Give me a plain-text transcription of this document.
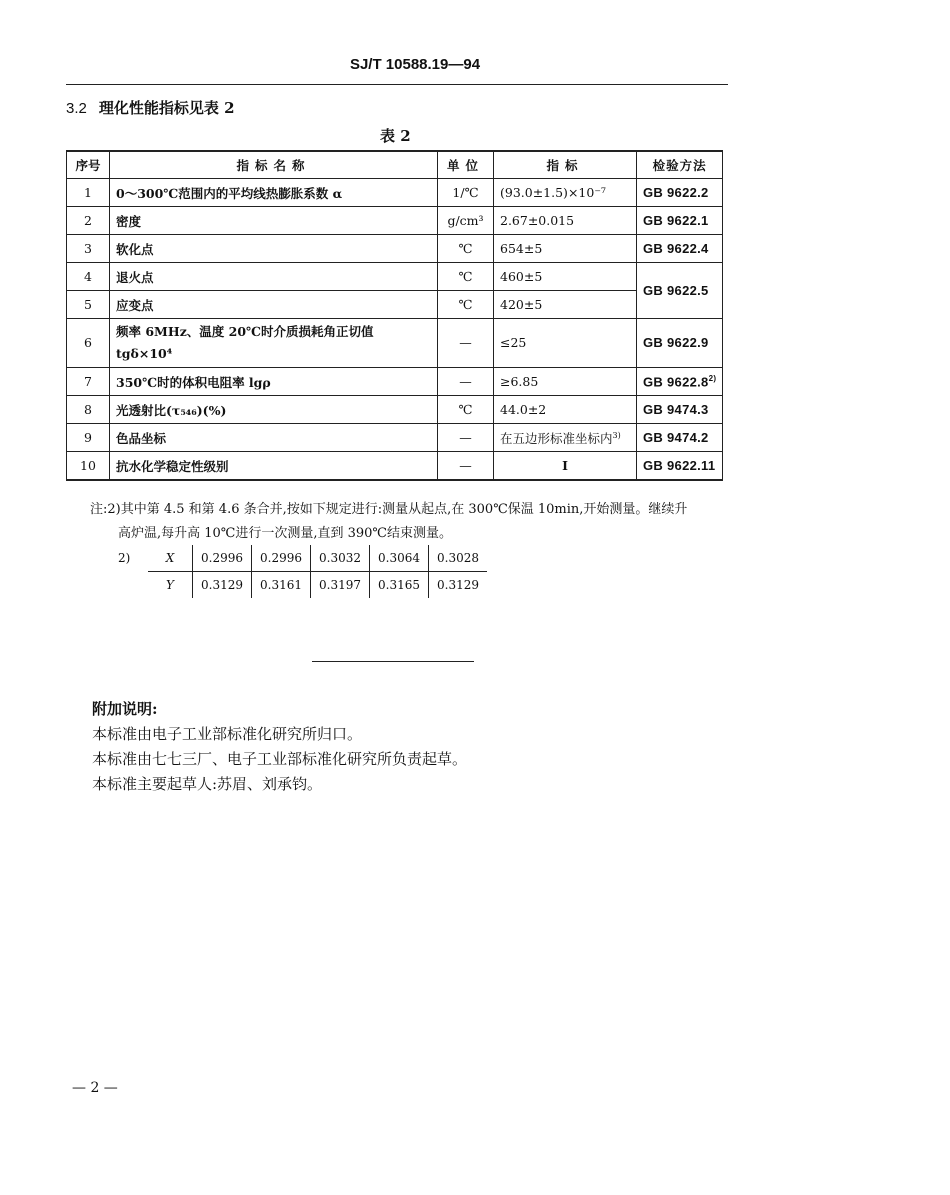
SJ/T 10588.19—94
3.2 理化性能指标见表 2
表 2
序号	指标名称	单位	指标	检验方法
1	0～300℃范围内的平均线热膨胀系数 α	1/℃	(93.0±1.5)×10⁻⁷	GB 9622.2
2	密度	g/cm³	2.67±0.015	GB 9622.1
3	软化点	℃	654±5	GB 9622.4
4	退火点	℃	460±5	GB 9622.5
5	应变点	℃	420±5	
6	频率 6MHz、温度 20℃时介质损耗角正切值
tgδ×10⁴	—	≤25	GB 9622.9
7	350℃时的体积电阻率 lgρ	—	≥6.85	GB 9622.8$^{2)}$
8	光透射比(τ₅₄₆)(%)	℃	44.0±2	GB 9474.3
9	色品坐标	—	在五边形标准坐标内$^{3)}$	GB 9474.2
10	抗水化学稳定性级别	—	I	GB 9622.11
注:2)其中第 4.5 和第 4.6 条合并,按如下规定进行:测量从起点,在 300℃保温 10min,开始测量。继续升
高炉温,每升高 10℃进行一次测量,直到 390℃结束测量。
2)	X	0.2996	0.2996	0.3032	0.3064	0.3028
	Y	0.3129	0.3161	0.3197	0.3165	0.3129
附加说明:
本标准由电子工业部标准化研究所归口。
本标准由七七三厂、电子工业部标准化研究所负责起草。
本标准主要起草人:苏眉、刘承钧。
— 2 —
